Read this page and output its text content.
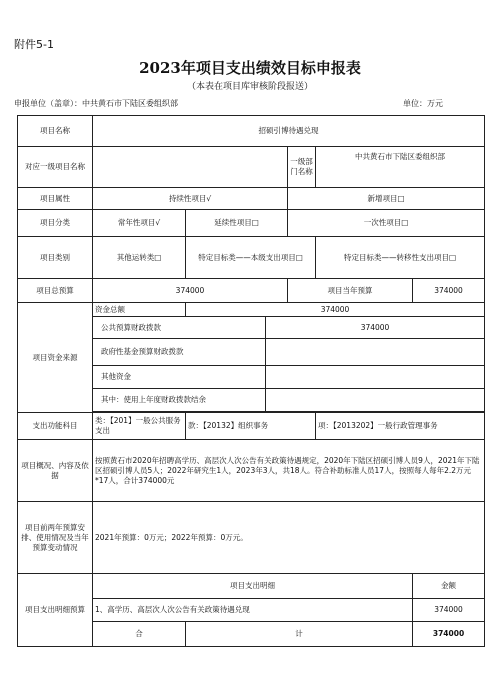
附件5-1
2023年项目支出绩效目标申报表
（本表在项目库审核阶段报送）
申报单位（盖章）：中共黄石市下陆区委组织部	单位：万元
项目名称	招硕引博待遇兑现					
对应一级项目名称				一级部门名称	中共黄石市下陆区委组织部	
项目属性	持续性项目√			新增项目□		
项目分类	常年性项目√	延续性项目□		一次性项目□		
项目类别	其他运转类□	特定目标类——本级支出项目□			特定目标类——转移性支出项目□	
项目总预算	374000			项目当年预算		374000
项目资金来源	资金总额	374000				
	公共预算财政拨款		374000			
	政府性基金预算财政拨款					
	其他资金					
	其中：使用上年度财政拨款结余					

支出功能科目	类：【201】一般公共服务支出	款：【20132】组织事务			项：【2013202】一般行政管理事务	
项目概况、内容及依据	按照黄石市2020年招聘高学历、高层次人次公告有关政策待遇规定，2020年下陆区招硕引博人员9人，2021年下陆区招硕引博人员5人；2022年研究生1人，2023年3人，共18人。符合补助标准人员17人，按照每人每年2.2万元*17人，合计374000元					
项目前两年预算安排、使用情况及当年预算变动情况	2021年预算：0万元；2022年预算：0万元。					
项目支出明细预算	项目支出明细					金额
	1、高学历、高层次人次公告有关政策待遇兑现					374000
	合	计				374000
